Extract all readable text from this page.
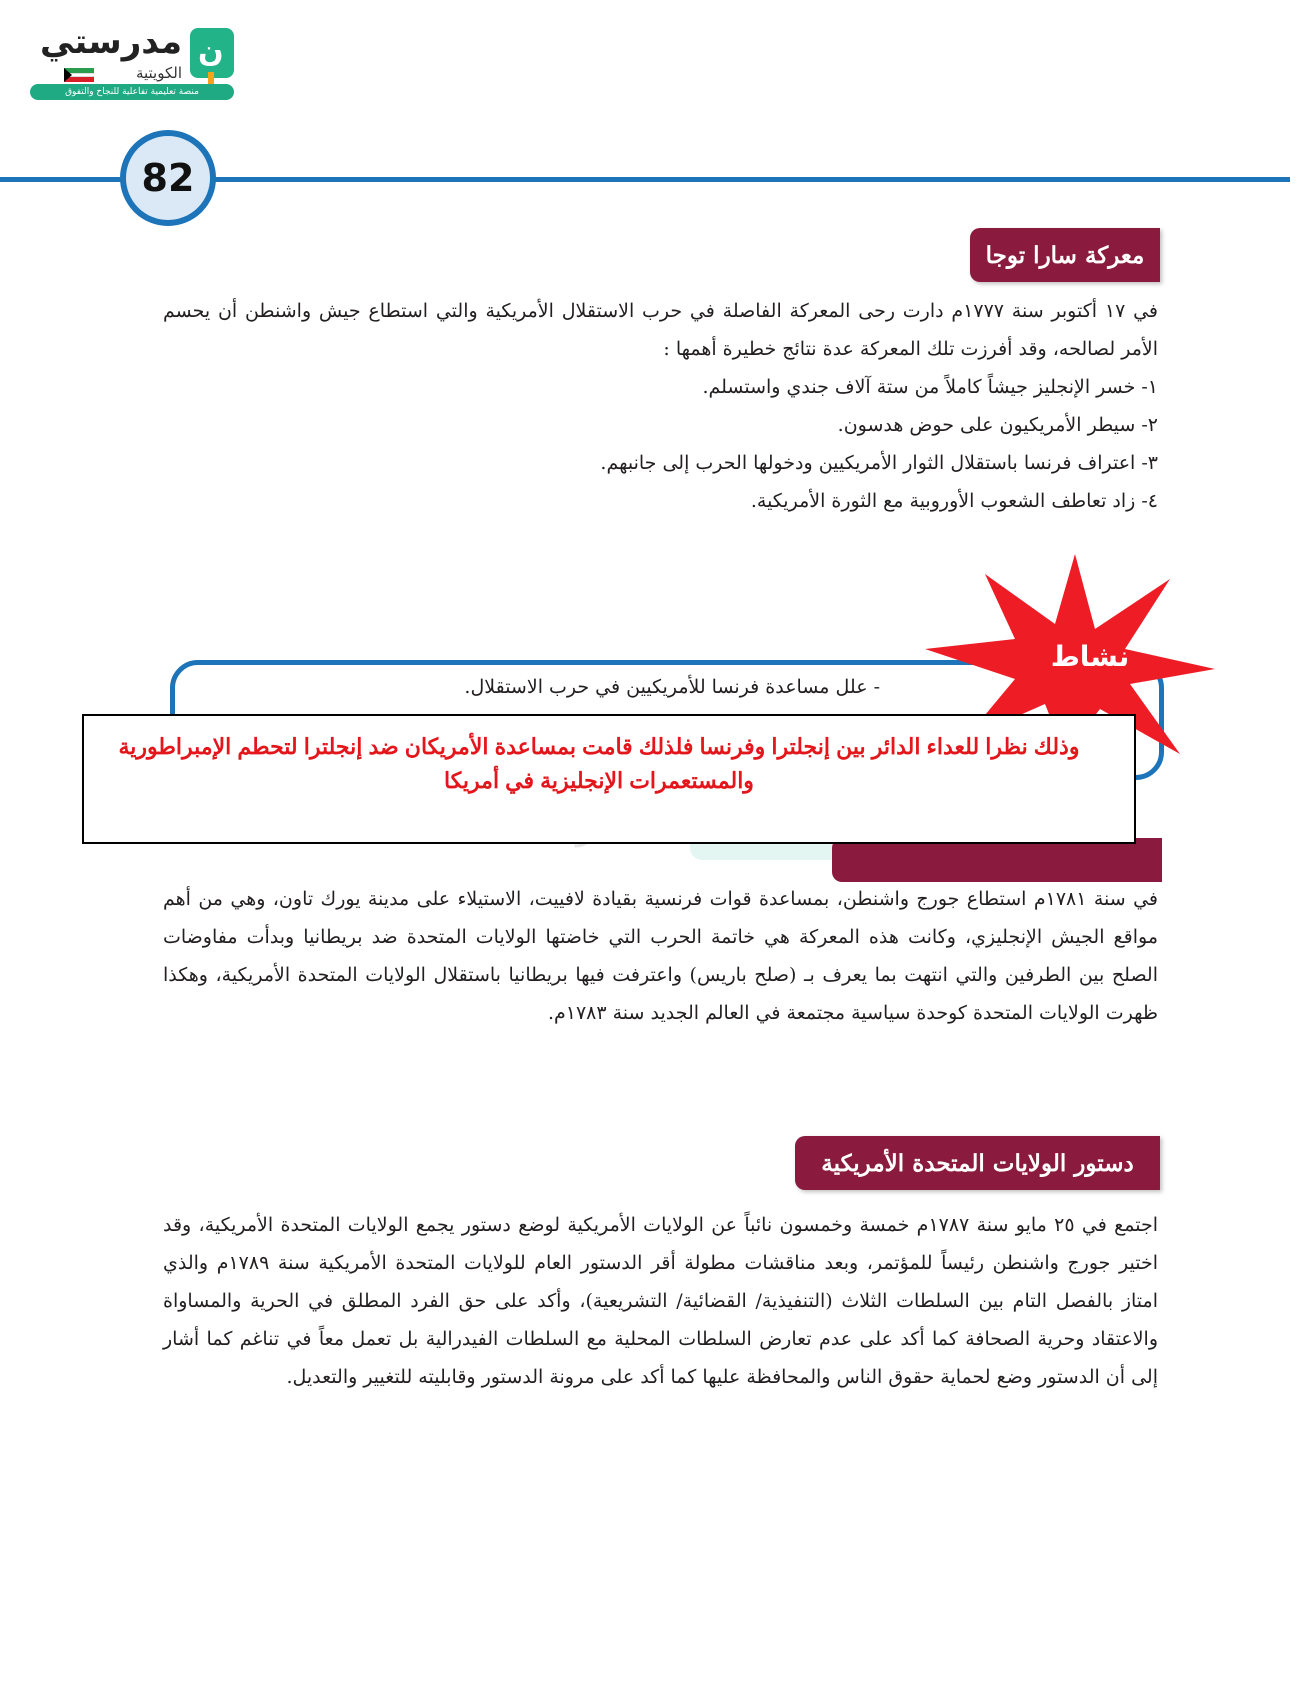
ن
مدرستي
الكويتية
منصة تعليمية تفاعلية للنجاح والتفوق
82
معركة سارا توجا

في ١٧ أكتوبر سنة ١٧٧٧م دارت رحى المعركة الفاصلة في حرب الاستقلال الأمريكية والتي استطاع جيش واشنطن أن يحسم الأمر لصالحه، وقد أفرزت تلك المعركة عدة نتائج خطيرة أهمها :

١- خسر الإنجليز جيشاً كاملاً من ستة آلاف جندي واستسلم.
٢- سيطر الأمريكيون على حوض هدسون.
٣- اعتراف فرنسا باستقلال الثوار الأمريكيين ودخولها الحرب إلى جانبهم.
٤- زاد تعاطف الشعوب الأوروبية مع الثورة الأمريكية.
- علل مساعدة فرنسا للأمريكيين في حرب الاستقلال.
نشاط
وذلك نظرا للعداء الدائر بين إنجلترا وفرنسا فلذلك قامت بمساعدة الأمريكان ضد إنجلترا لتحطم الإمبراطورية والمستعمرات الإنجليزية في أمريكا

في سنة ١٧٨١م استطاع جورج واشنطن، بمساعدة قوات فرنسية بقيادة لافييت، الاستيلاء على مدينة يورك تاون، وهي من أهم مواقع الجيش الإنجليزي، وكانت هذه المعركة هي خاتمة الحرب التي خاضتها الولايات المتحدة ضد بريطانيا وبدأت مفاوضات الصلح بين الطرفين والتي انتهت بما يعرف بـ (صلح باريس) واعترفت فيها بريطانيا باستقلال الولايات المتحدة الأمريكية، وهكذا ظهرت الولايات المتحدة كوحدة سياسية مجتمعة في العالم الجديد سنة ١٧٨٣م.

دستور الولايات المتحدة الأمريكية

اجتمع في ٢٥ مايو سنة ١٧٨٧م خمسة وخمسون نائباً عن الولايات الأمريكية لوضع دستور يجمع الولايات المتحدة الأمريكية، وقد اختير جورج واشنطن رئيساً للمؤتمر، وبعد مناقشات مطولة أقر الدستور العام للولايات المتحدة الأمريكية سنة ١٧٨٩م والذي امتاز بالفصل التام بين السلطات الثلاث (التنفيذية/ القضائية/ التشريعية)، وأكد على حق الفرد المطلق في الحرية والمساواة والاعتقاد وحرية الصحافة كما أكد على عدم تعارض السلطات المحلية مع السلطات الفيدرالية بل تعمل معاً في تناغم كما أشار إلى أن الدستور وضع لحماية حقوق الناس والمحافظة عليها كما أكد على مرونة الدستور وقابليته للتغيير والتعديل.
